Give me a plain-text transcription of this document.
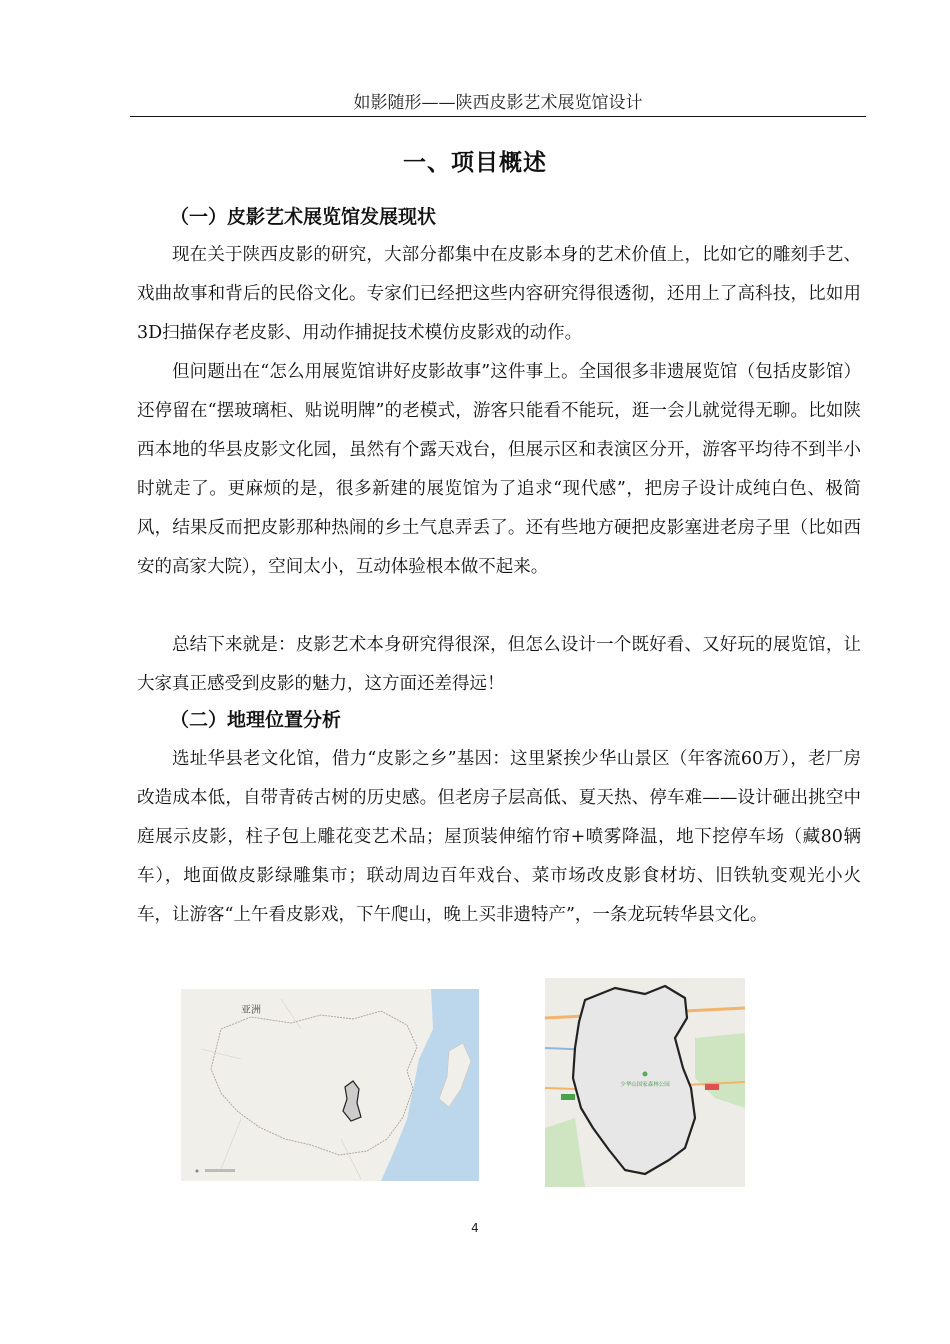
如影随形——陕西皮影艺术展览馆设计
一、项目概述
（一）皮影艺术展览馆发展现状

现在关于陕西皮影的研究，大部分都集中在皮影本身的艺术价值上，比如它的雕刻手艺、戏曲故事和背后的民俗文化。专家们已经把这些内容研究得很透彻，还用上了高科技，比如用3D扫描保存老皮影、用动作捕捉技术模仿皮影戏的动作。

但问题出在“怎么用展览馆讲好皮影故事”这件事上。全国很多非遗展览馆（包括皮影馆）还停留在“摆玻璃柜、贴说明牌”的老模式，游客只能看不能玩，逛一会儿就觉得无聊。比如陕西本地的华县皮影文化园，虽然有个露天戏台，但展示区和表演区分开，游客平均待不到半小时就走了。更麻烦的是，很多新建的展览馆为了追求“现代感”，把房子设计成纯白色、极简风，结果反而把皮影那种热闹的乡土气息弄丢了。还有些地方硬把皮影塞进老房子里（比如西安的高家大院），空间太小，互动体验根本做不起来。

总结下来就是：皮影艺术本身研究得很深，但怎么设计一个既好看、又好玩的展览馆，让大家真正感受到皮影的魅力，这方面还差得远！

（二）地理位置分析

选址华县老文化馆，借力“皮影之乡”基因：这里紧挨少华山景区（年客流60万），老厂房改造成本低，自带青砖古树的历史感。但老房子层高低、夏天热、停车难——设计砸出挑空中庭展示皮影，柱子包上雕花变艺术品；屋顶装伸缩竹帘+喷雾降温，地下挖停车场（藏80辆车），地面做皮影绿雕集市；联动周边百年戏台、菜市场改皮影食材坊、旧铁轨变观光小火车，让游客“上午看皮影戏，下午爬山，晚上买非遗特产”，一条龙玩转华县文化。

亚洲
少华山国家森林公园
4
